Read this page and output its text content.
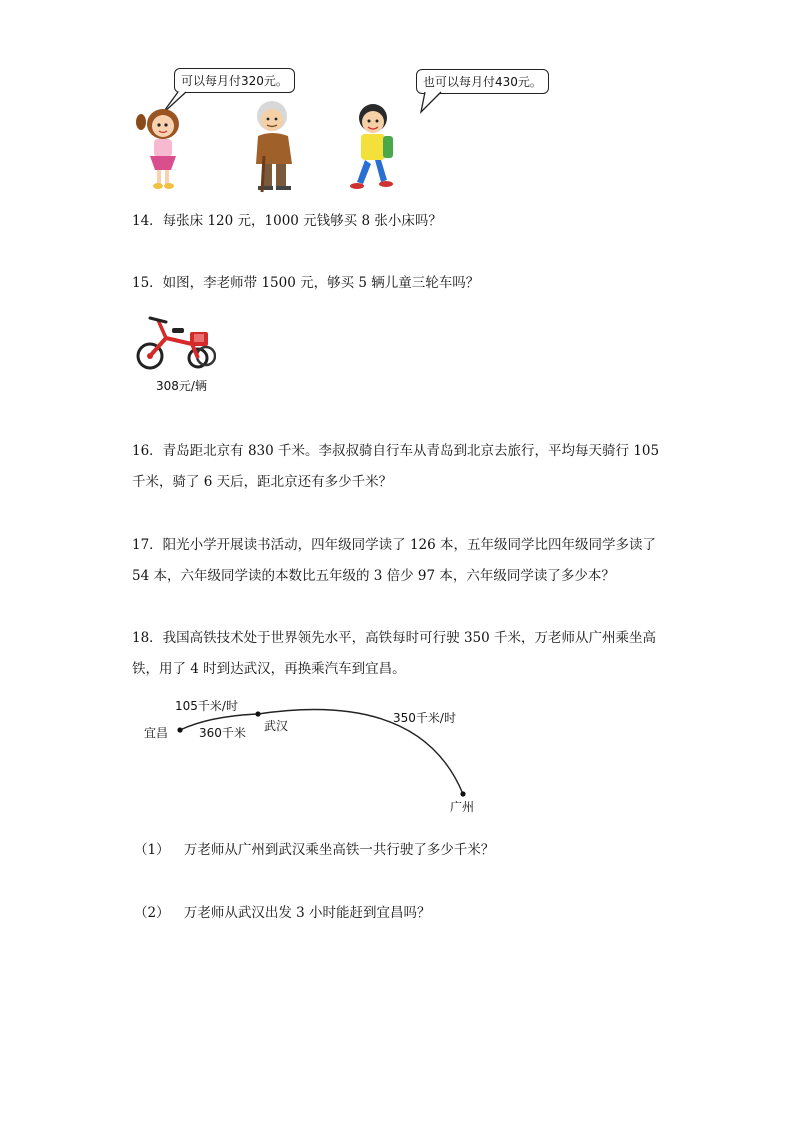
可以每月付320元。	也可以每月付430元。
14．每张床 120 元，1000 元钱够买 8 张小床吗？
15．如图，李老师带 1500 元，够买 5 辆儿童三轮车吗？
308元/辆
16．青岛距北京有 830 千米。李叔叔骑自行车从青岛到北京去旅行，平均每天骑行 105
千米，骑了 6 天后，距北京还有多少千米？
17．阳光小学开展读书活动，四年级同学读了 126 本，五年级同学比四年级同学多读了
54 本，六年级同学读的本数比五年级的 3 倍少 97 本，六年级同学读了多少本？
18．我国高铁技术处于世界领先水平，高铁每时可行驶 350 千米，万老师从广州乘坐高
铁，用了 4 时到达武汉，再换乘汽车到宜昌。
105千米/时
宜昌	360千米 武汉
350千米/时
广州
（1） 万老师从广州到武汉乘坐高铁一共行驶了多少千米？
（2） 万老师从武汉出发 3 小时能赶到宜昌吗？
